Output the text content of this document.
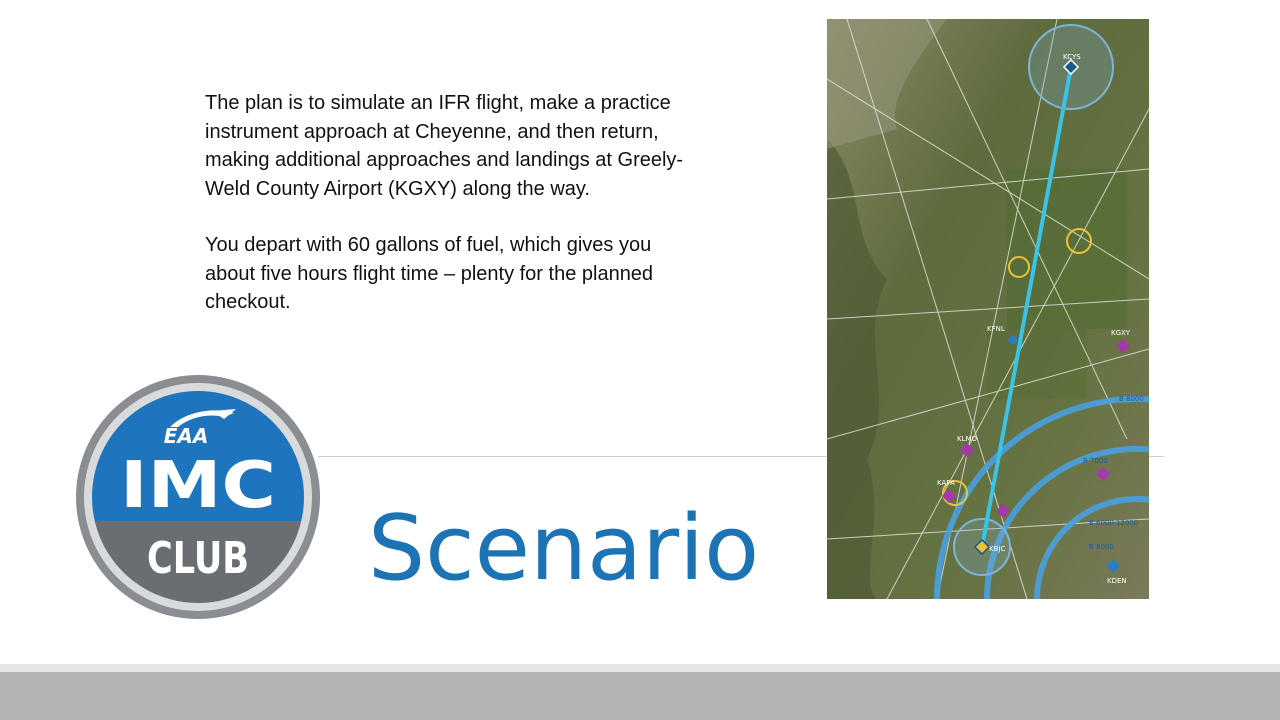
The plan is to simulate an IFR flight, make a practice instrument approach at Cheyenne, and then return, making additional approaches and landings at Greely-Weld County Airport (KGXY) along the way.

You depart with 60 gallons of fuel, which gives you about five hours flight time – plenty for the planned checkout.

Scenario
EAA
IMC
CLUB
KCYS
KBJC
KFNL	KGXY
KLMO
KAPA
KDEN
B 7000
B 8000
B 6000 12000
B 8000
